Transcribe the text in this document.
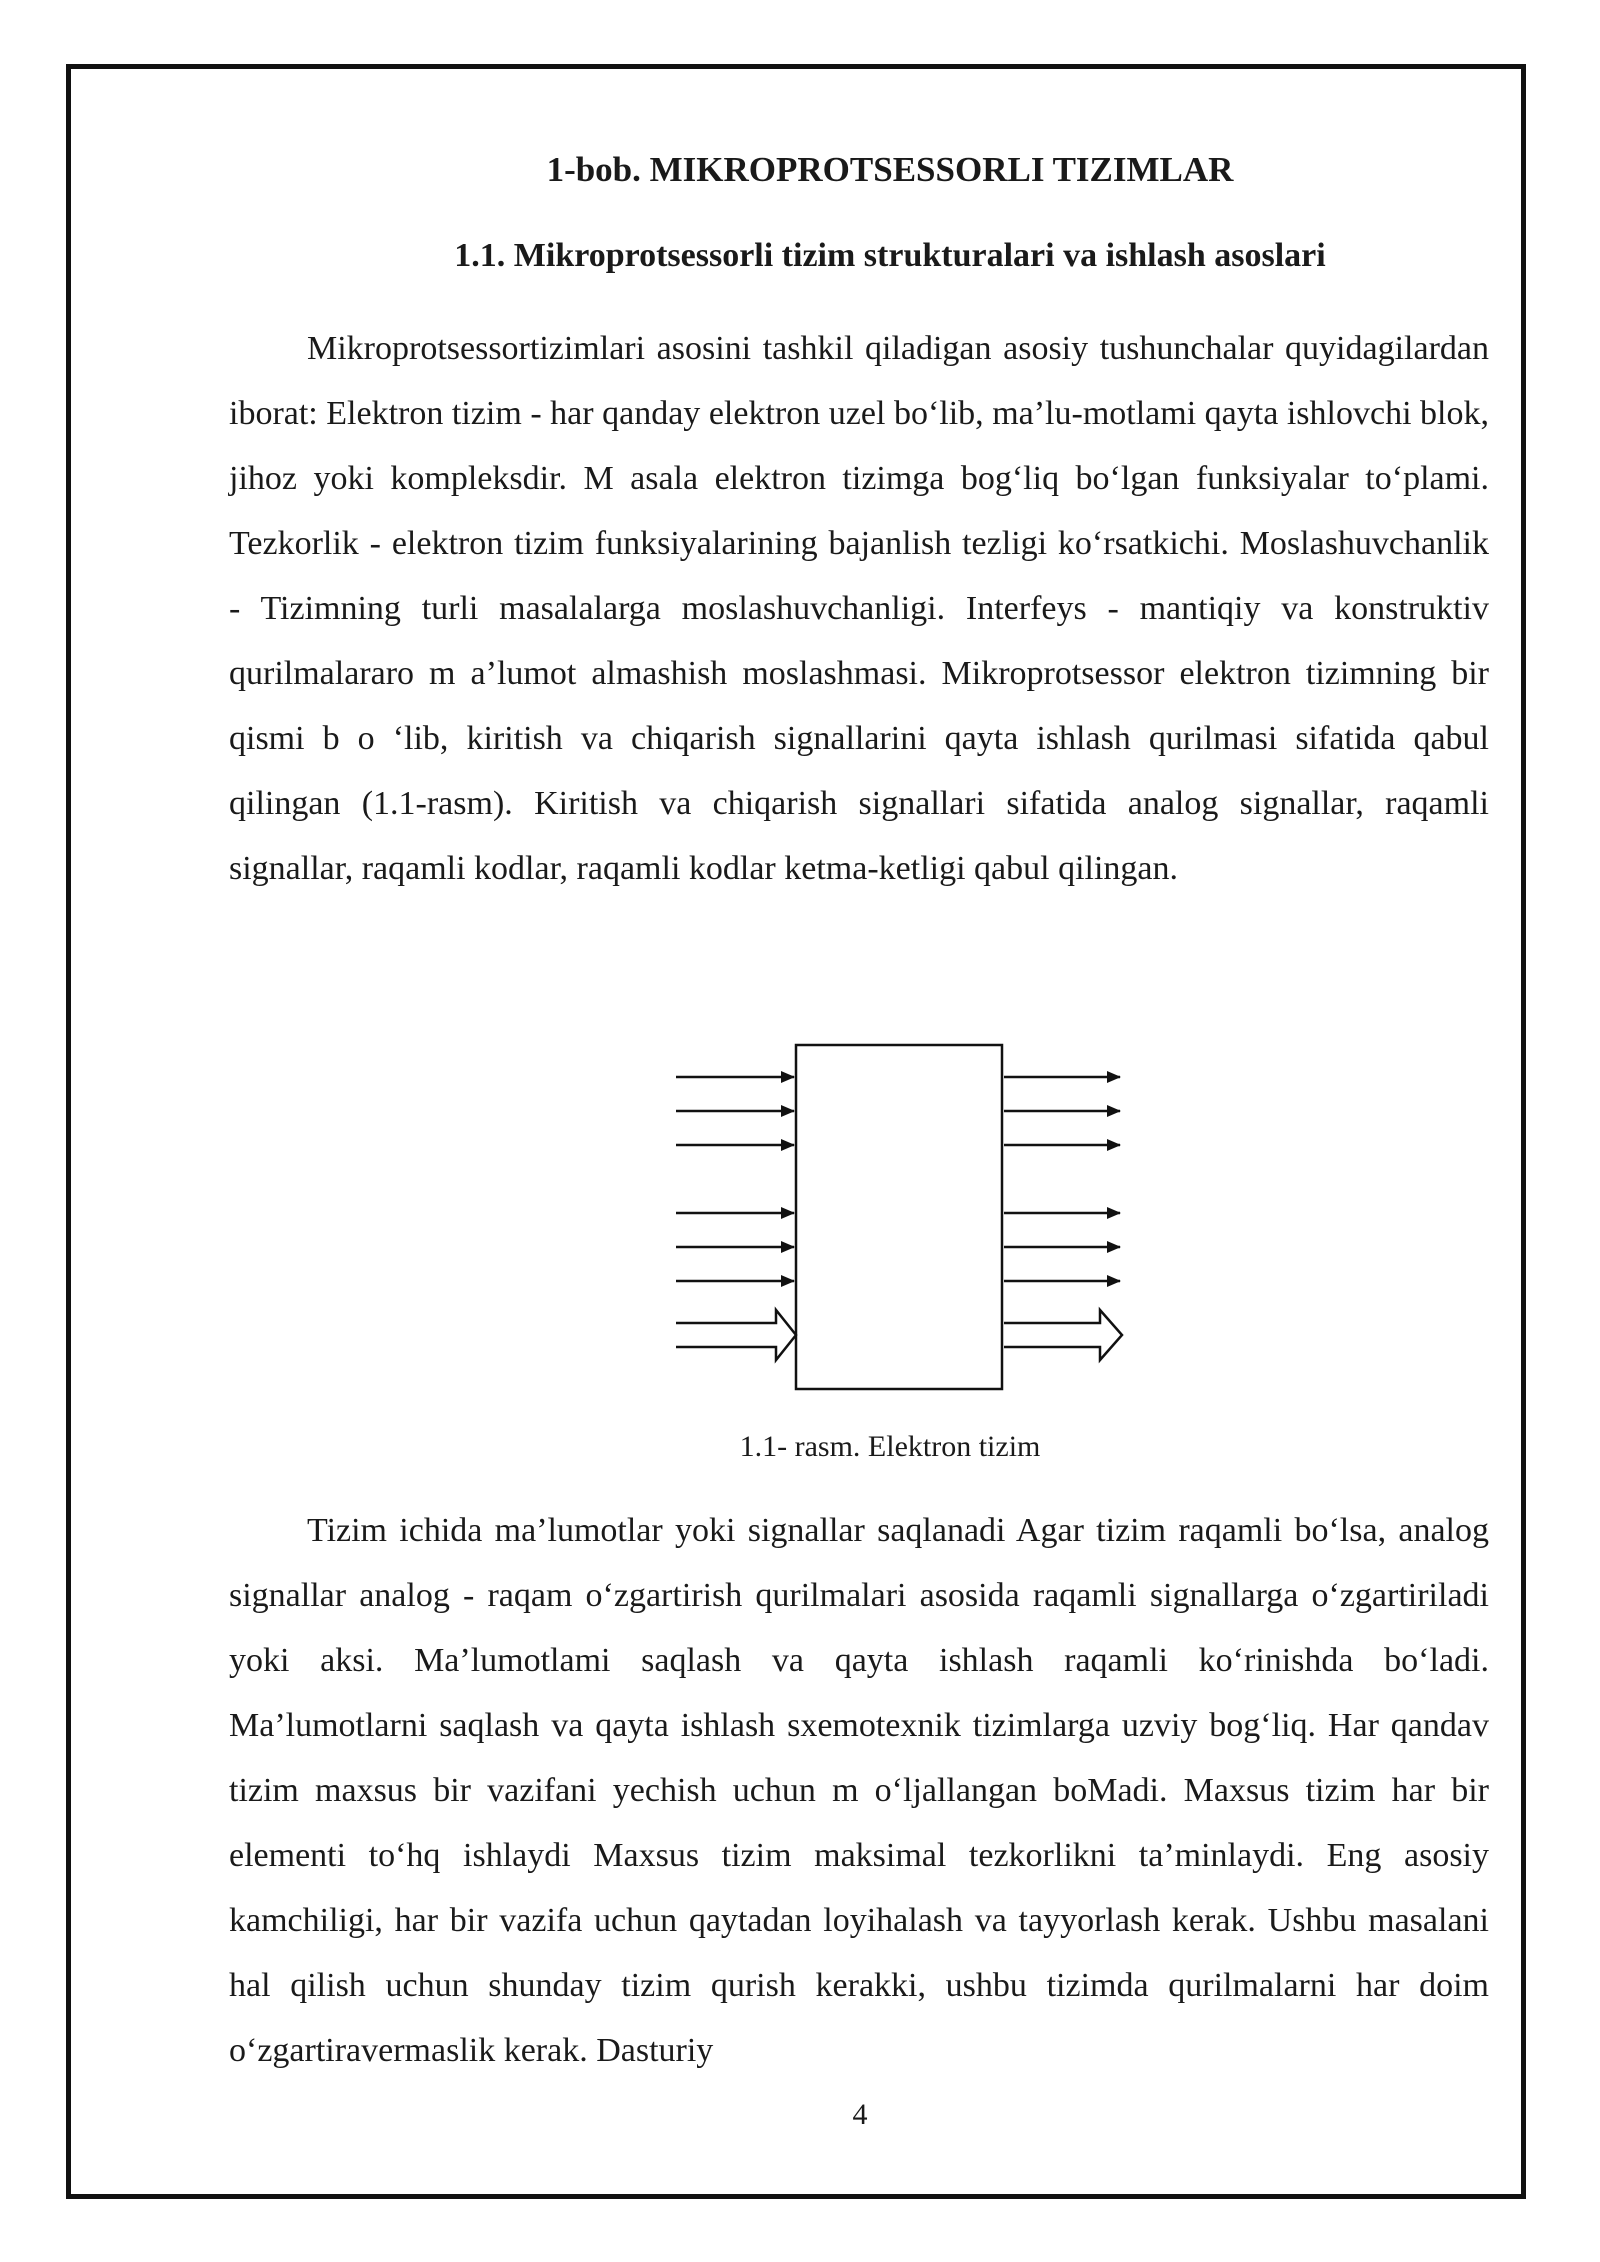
1-bob. MIKROPROTSESSORLI TIZIMLAR
1.1. Mikroprotsessorli tizim strukturalari va ishlash asoslari

Mikroprotsessortizimlari asosini tashkil qiladigan asosiy tushunchalar quyidagilardan iborat: Elektron tizim - har qanday elektron uzel bo‘lib, ma’lu-motlami qayta ishlovchi blok, jihoz yoki kompleksdir. M asala elektron tizimga bog‘liq bo‘lgan funksiyalar to‘plami. Tezkorlik - elektron tizim funksiyalarining bajanlish tezligi ko‘rsatkichi. Moslashuvchanlik - Tizimning turli masalalarga moslashuvchanligi. Interfeys - mantiqiy va konstruktiv qurilmalararo m a’lumot almashish moslashmasi. Mikroprotsessor elektron tizimning bir qismi b o ‘lib, kiritish va chiqarish signallarini qayta ishlash qurilmasi sifatida qabul qilingan (1.1-rasm). Kiritish va chiqarish signallari sifatida analog signallar, raqamli signallar, raqamli kodlar, raqamli kodlar ketma-ketligi qabul qilingan.

1.1- rasm. Elektron tizim

Tizim ichida ma’lumotlar yoki signallar saqlanadi Agar tizim raqamli bo‘lsa, analog signallar analog - raqam o‘zgartirish qurilmalari asosida raqamli signallarga o‘zgartiriladi yoki aksi. Ma’lumotlami saqlash va qayta ishlash raqamli ko‘rinishda bo‘ladi. Ma’lumotlarni saqlash va qayta ishlash sxemotexnik tizimlarga uzviy bog‘liq. Har qandav tizim maxsus bir vazifani yechish uchun m o‘ljallangan boMadi. Maxsus tizim har bir elementi to‘hq ishlaydi Maxsus tizim maksimal tezkorlikni ta’minlaydi. Eng asosiy kamchiligi, har bir vazifa uchun qaytadan loyihalash va tayyorlash kerak. Ushbu masalani hal qilish uchun shunday tizim qurish kerakki, ushbu tizimda qurilmalarni har doim o‘zgartiravermaslik kerak. Dasturiy

4
